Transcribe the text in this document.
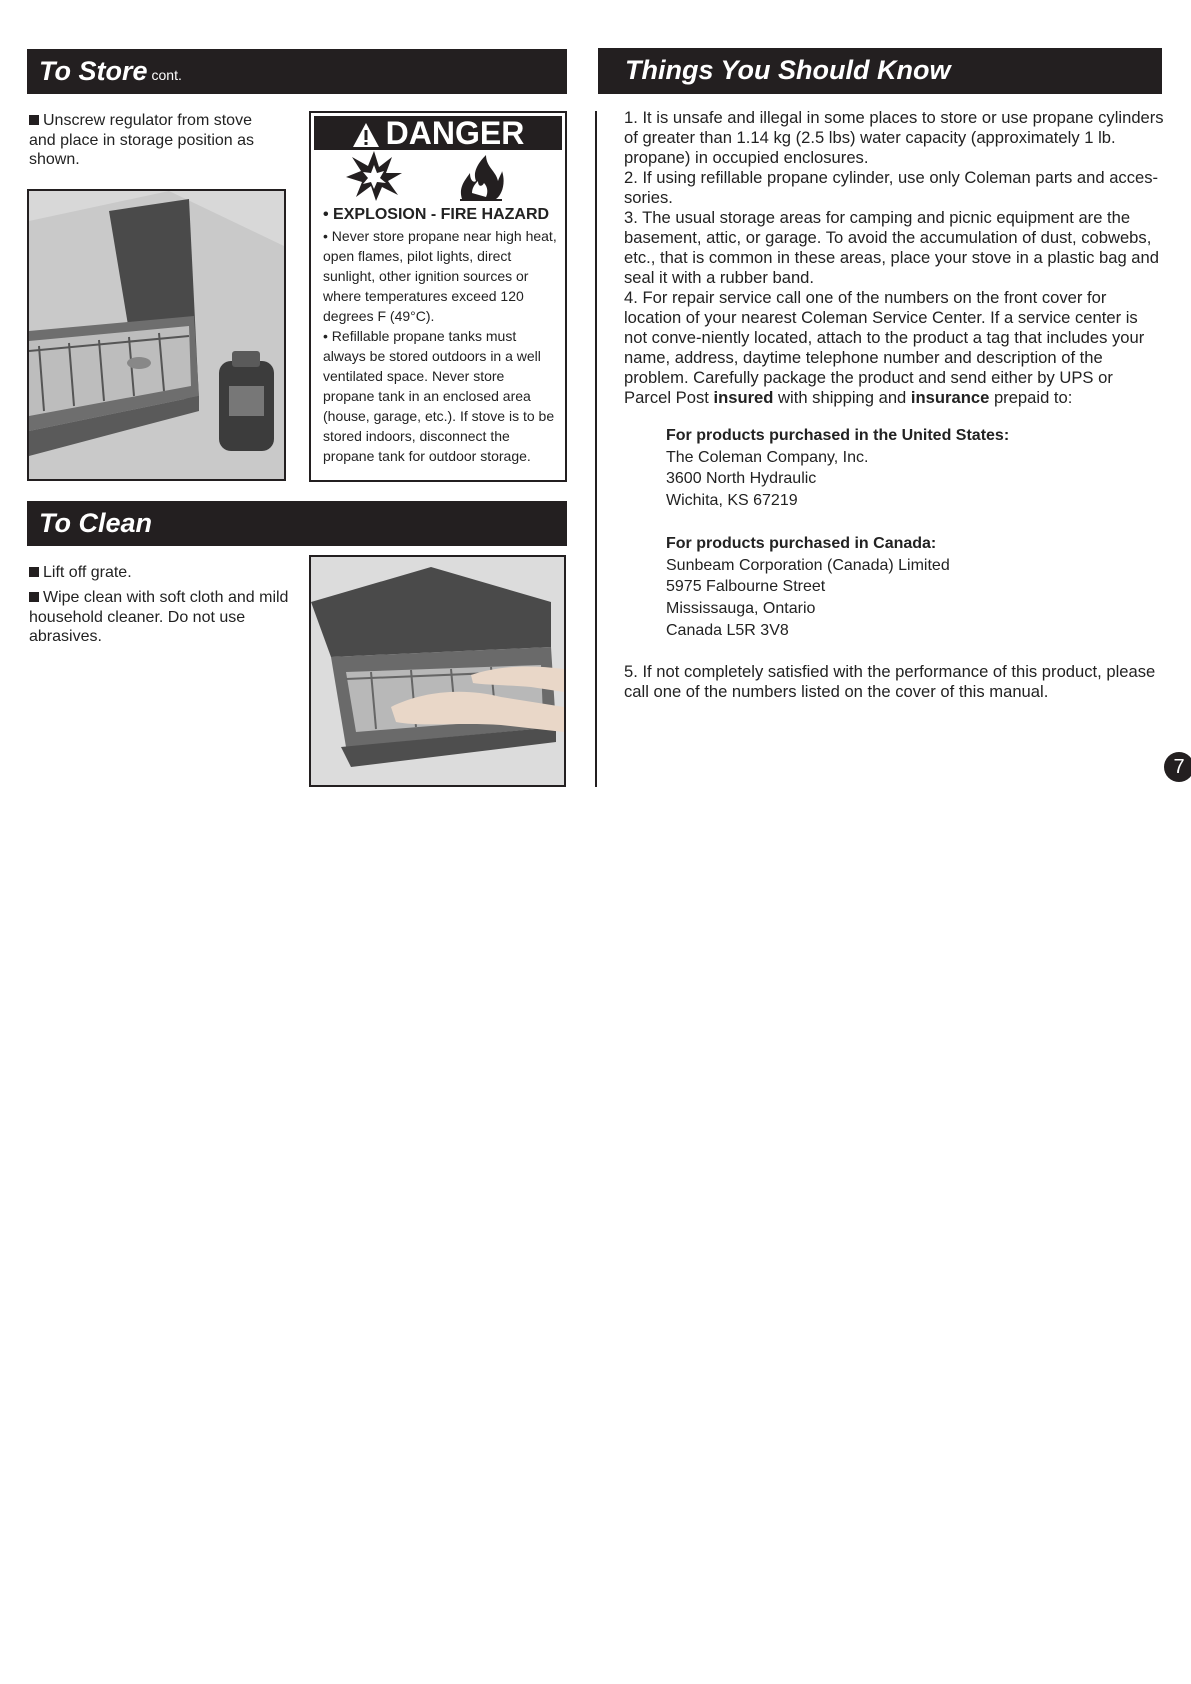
To Store cont.
Unscrew regulator from stove and place in storage position as shown.
DANGER
• EXPLOSION - FIRE HAZARD
• Never store propane near high heat, open flames, pilot lights, direct sunlight, other ignition sources or where temperatures exceed 120 degrees F (49°C).
• Refillable propane tanks must always be stored outdoors in a well ventilated space. Never store propane tank in an enclosed area (house, garage, etc.). If stove is to be stored indoors, disconnect the propane tank for outdoor storage.
To Clean
Lift off grate.
Wipe clean with soft cloth and mild household cleaner. Do not use abrasives.
Things You Should Know

1. It is unsafe and illegal in some places to store or use propane cylinders of greater than 1.14 kg (2.5 lbs) water capacity (approximately 1 lb. propane) in occupied enclosures.

2. If using refillable propane cylinder, use only Coleman parts and acces-sories.

3. The usual storage areas for camping and picnic equipment are the basement, attic, or garage. To avoid the accumulation of dust, cobwebs, etc., that is common in these areas, place your stove in a plastic bag and seal it with a rubber band.

4. For repair service call one of the numbers on the front cover for location of your nearest Coleman Service Center. If a service center is not conve-niently located, attach to the product a tag that includes your name, address, daytime telephone number and description of the problem. Carefully package the product and send either by UPS or Parcel Post insured with shipping and insurance prepaid to:

For products purchased in the United States:
The Coleman Company, Inc.
3600 North Hydraulic
Wichita, KS 67219
For products purchased in Canada:
Sunbeam Corporation (Canada) Limited
5975 Falbourne Street
Mississauga, Ontario
Canada L5R 3V8
5. If not completely satisfied with the performance of this product, please call one of the numbers listed on the cover of this manual.
7
